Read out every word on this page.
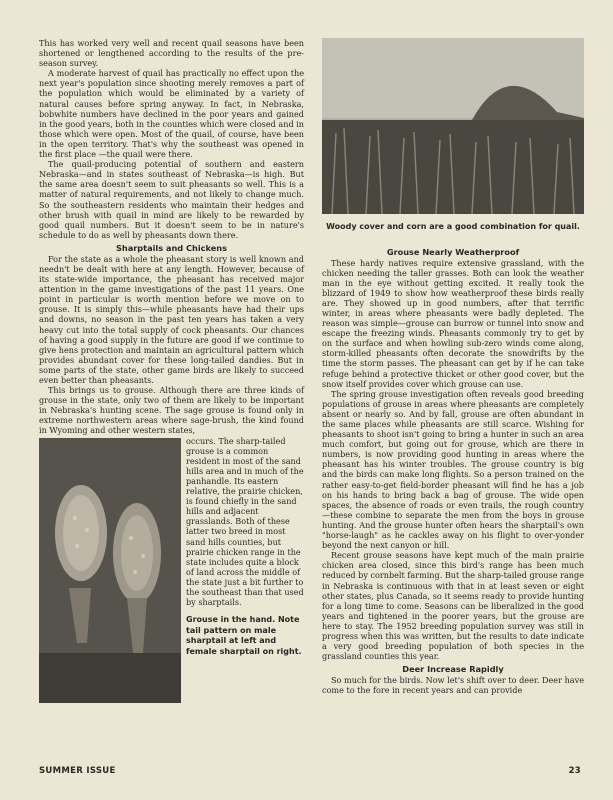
This has worked very well and recent quail seasons have been shortened or lengthened according to the results of the pre-season survey.

A moderate harvest of quail has practically no effect upon the next year's population since shooting merely removes a part of the population which would be eliminated by a variety of natural causes before spring anyway. In fact, in Nebraska, bobwhite numbers have declined in the poor years and gained in the good years, both in the counties which were closed and in those which were open. Most of the quail, of course, have been in the open territory. That's why the southeast was opened in the first place —the quail were there.

The quail-producing potential of southern and eastern Nebraska—and in states southeast of Nebraska—is high. But the same area doesn't seem to suit pheasants so well. This is a matter of natural requirements, and not likely to change much. So the southeastern residents who maintain their hedges and other brush with quail in mind are likely to be rewarded by good quail numbers. But it doesn't seem to be in nature's schedule to do as well by pheasants down there.

Sharptails and Chickens

For the state as a whole the pheasant story is well known and needn't be dealt with here at any length. However, because of its state-wide importance, the pheasant has received major attention in the game investigations of the past 11 years. One point in particular is worth mention before we move on to grouse. It is simply this—while pheasants have had their ups and downs, no season in the past ten years has taken a very heavy cut into the total supply of cock pheasants. Our chances of having a good supply in the future are good if we continue to give hens protection and maintain an agricultural pattern which provides abundant cover for these long-tailed dandies. But in some parts of the state, other game birds are likely to succeed even better than pheasants.

This brings us to grouse. Although there are three kinds of grouse in the state, only two of them are likely to be important in Nebraska's hunting scene. The sage grouse is found only in extreme northwestern areas where sage-brush, the kind found in Wyoming and other western states,

occurs. The sharp-tailed grouse is a common resident in most of the sand hills area and in much of the panhandle. Its eastern relative, the prairie chicken, is found chiefly in the sand hills and adjacent grasslands. Both of these latter two breed in most sand hills counties, but prairie chicken range in the state includes quite a block of land across the middle of the state just a bit further to the southeast than that used by sharptails.

Grouse in the hand. Note tail pattern on male sharptail at left and female sharptail on right.
Woody cover and corn are a good combination for quail.
Grouse Nearly Weatherproof

These hardy natives require extensive grassland, with the chicken needing the taller grasses. Both can look the weather man in the eye without getting excited. It really took the blizzard of 1949 to show how weatherproof these birds really are. They showed up in good numbers, after that terrific winter, in areas where pheasants were badly depleted. The reason was simple—grouse can burrow or tunnel into snow and escape the freezing winds. Pheasants commonly try to get by on the surface and when howling sub-zero winds come along, storm-killed pheasants often decorate the snowdrifts by the time the storm passes. The pheasant can get by if he can take refuge behind a protective thicket or other good cover, but the snow itself provides cover which grouse can use.

The spring grouse investigation often reveals good breeding populations of grouse in areas where pheasants are completely absent or nearly so. And by fall, grouse are often abundant in the same places while pheasants are still scarce. Wishing for pheasants to shoot isn't going to bring a hunter in such an area much comfort, but going out for grouse, which are there in numbers, is now providing good hunting in areas where the pheasant has his winter troubles. The grouse country is big and the birds can make long flights. So a person trained on the rather easy-to-get field-border pheasant will find he has a job on his hands to bring back a bag of grouse. The wide open spaces, the absence of roads or even trails, the rough country—these combine to separate the men from the boys in grouse hunting. And the grouse hunter often hears the sharptail's own "horse-laugh" as he cackles away on his flight to over-yonder beyond the next canyon or hill.

Recent grouse seasons have kept much of the main prairie chicken area closed, since this bird's range has been much reduced by cornbelt farming. But the sharp-tailed grouse range in Nebraska is continuous with that in at least seven or eight other states, plus Canada, so it seems ready to provide hunting for a long time to come. Seasons can be liberalized in the good years and tightened in the poorer years, but the grouse are here to stay. The 1952 breeding population survey was still in progress when this was written, but the results to date indicate a very good breeding population of both species in the grassland counties this year.

Deer Increase Rapidly

So much for the birds. Now let's shift over to deer. Deer have come to the fore in recent years and can provide

SUMMER ISSUE	23
